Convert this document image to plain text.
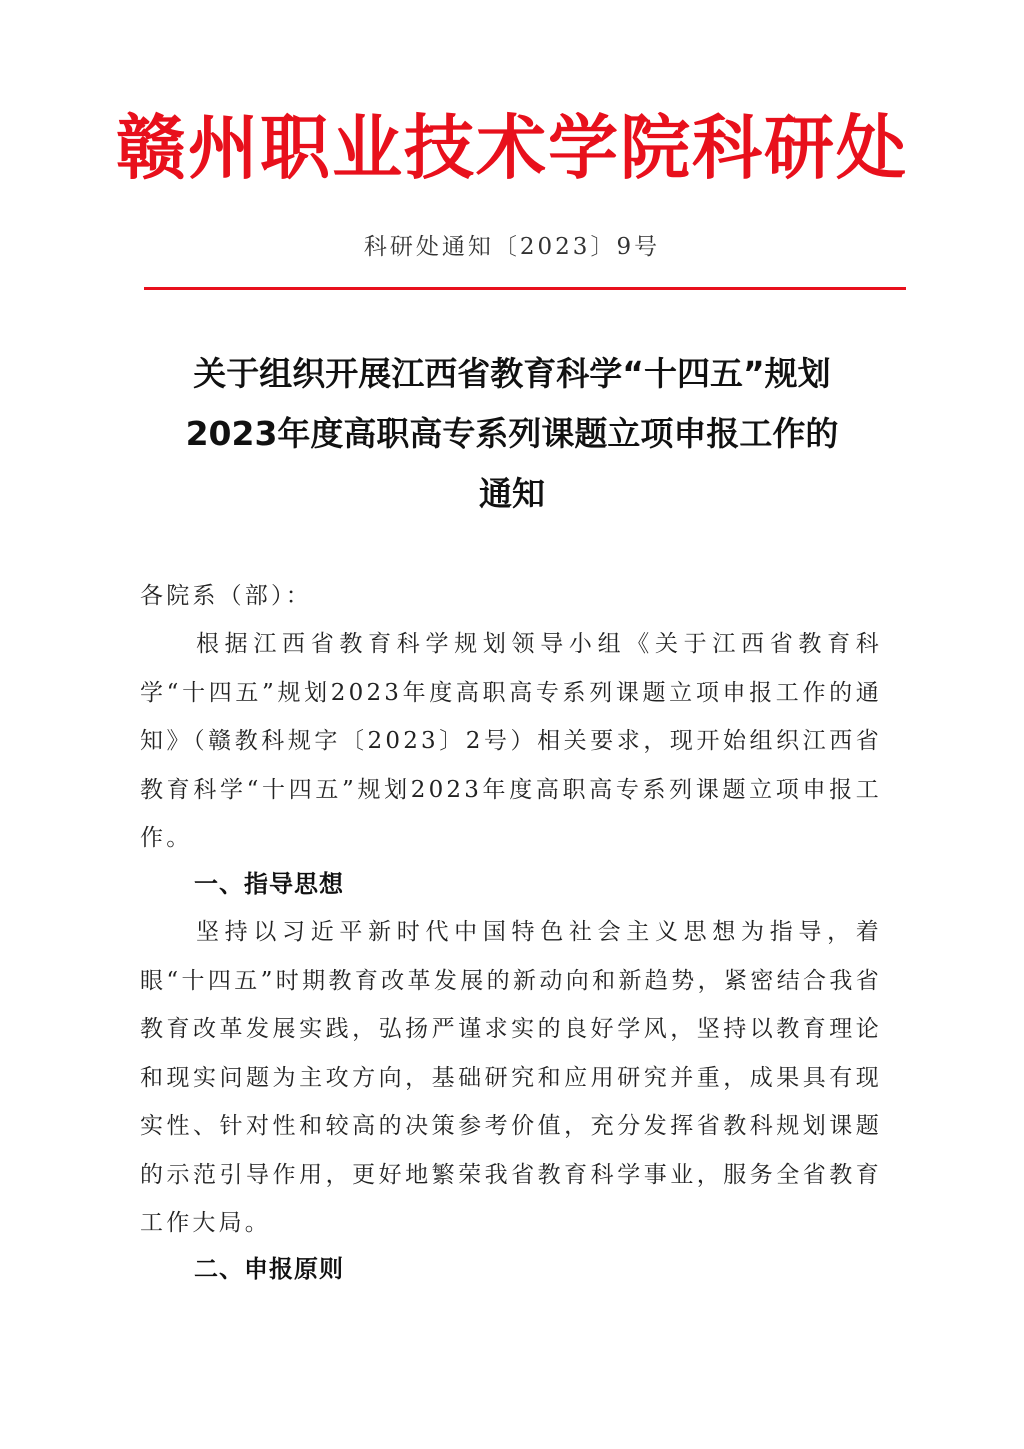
赣州职业技术学院科研处
科研处通知〔2023〕9号
关于组织开展江西省教育科学“十四五”规划
2023年度高职高专系列课题立项申报工作的
通知
各院系（部）：
根据江西省教育科学规划领导小组《关于江西省教育科学“十四五”规划2023年度高职高专系列课题立项申报工作的通知》（赣教科规字〔2023〕2号）相关要求，现开始组织江西省教育科学“十四五”规划2023年度高职高专系列课题立项申报工作。
一、指导思想
坚持以习近平新时代中国特色社会主义思想为指导，着眼“十四五”时期教育改革发展的新动向和新趋势，紧密结合我省教育改革发展实践，弘扬严谨求实的良好学风，坚持以教育理论和现实问题为主攻方向，基础研究和应用研究并重，成果具有现实性、针对性和较高的决策参考价值，充分发挥省教科规划课题的示范引导作用，更好地繁荣我省教育科学事业，服务全省教育工作大局。
二、申报原则
